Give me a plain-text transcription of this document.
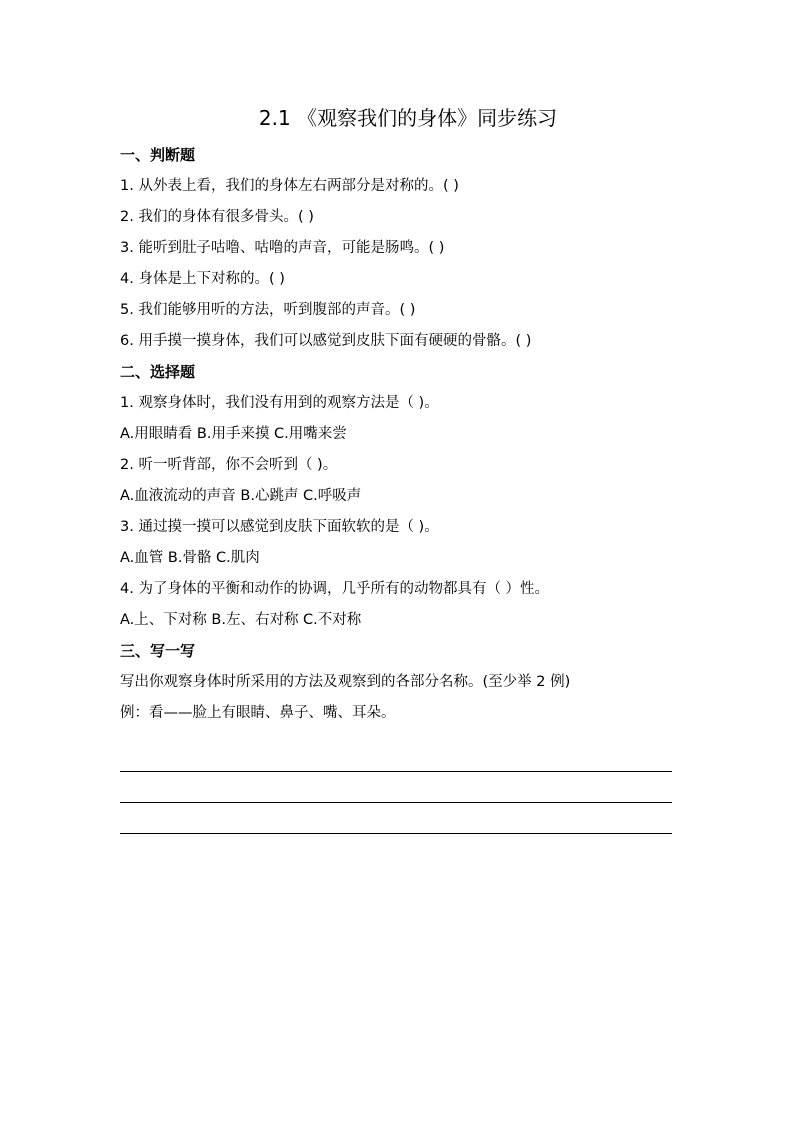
2.1 《观察我们的身体》同步练习
一、判断题
1. 从外表上看，我们的身体左右两部分是对称的。( )
2. 我们的身体有很多骨头。( )
3. 能听到肚子咕噜、咕噜的声音，可能是肠鸣。( )
4. 身体是上下对称的。( )
5. 我们能够用听的方法，听到腹部的声音。( )
6. 用手摸一摸身体，我们可以感觉到皮肤下面有硬硬的骨骼。( )
二、选择题
1. 观察身体时，我们没有用到的观察方法是（ )。
A.用眼睛看 B.用手来摸 C.用嘴来尝
2. 听一听背部，你不会听到（ )。
A.血液流动的声音 B.心跳声 C.呼吸声
3. 通过摸一摸可以感觉到皮肤下面软软的是（ )。
A.血管 B.骨骼 C.肌肉
4. 为了身体的平衡和动作的协调，几乎所有的动物都具有（ ）性。
A.上、下对称 B.左、右对称 C.不对称
三、写一写
写出你观察身体时所采用的方法及观察到的各部分名称。(至少举 2 例)
例：看——脸上有眼睛、鼻子、嘴、耳朵。
